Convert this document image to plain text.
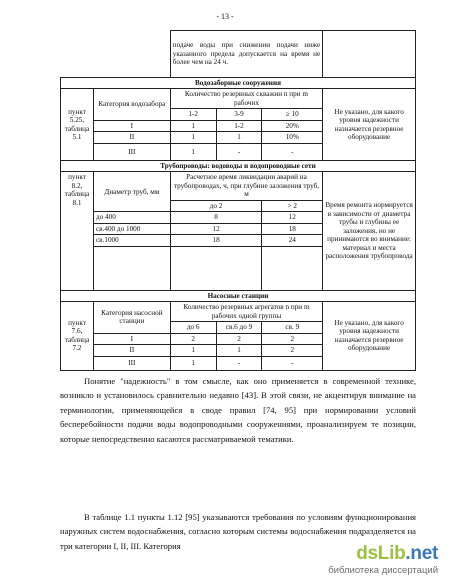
- 13 -
		подаче воды при снижении подачи ниже указанного предела допускается на время не более чем на 24 ч.			
Водозаборные сооружения					
пункт 5.25, таблица 5.1	Категория водозабора	Количество резервных скважин n при m рабочих			Не указано, для какого уровня надежности назначается резервное оборудование
		1-2	3-9	≥ 10	
	I	1	1-2	20%	
	II	1	1	10%	
	III	1	-	-	
Трубопроводы: водоводы и водопроводные сети					
пункт 8.2, таблица 8.1	Диаметр труб, мм	Расчетное время ликвидации аварий на трубопроводах, ч, при глубине заложения труб, м			Время ремонта нормируется в зависимости от диаметра трубы и глубины ее заложения, но не принимаются во внимание: материал и места расположения трубопровода
		до 2		> 2	
	до 400	8		12	
	св.400 до 1000	12		18	
	св.1000	18		24	

Насосные станции					
пункт 7.6, таблица 7.2	Категория насосной станции	Количество резервных агрегатов n при m рабочих одной группы			Не указано, для какого уровня надежности назначается резервное оборудование
		до 6	св.6 до 9	св. 9	
	I	2	2	2	
	II	1	1	2	
	III	1	-	-	

Понятие "надежность" в том смысле, как оно применяется в современной технике, возникло и установилось сравнительно недавно [43]. В этой связи, не акцентируя внимание на терминологии, применяющейся в своде правил [74, 95] при нормировании условий бесперебойности подачи воды водопроводными сооружениями, проанализируем те позиции, которые непосредственно касаются рассматриваемой тематики.

В таблице 1.1 пункты 1.12 [95] указываются требования по условиям функционирования наружных систем водоснабжения, согласно которым системы водоснабжения подразделяется на три категории I, II, III. Категория	dsLib.net
библиотека диссертаций
